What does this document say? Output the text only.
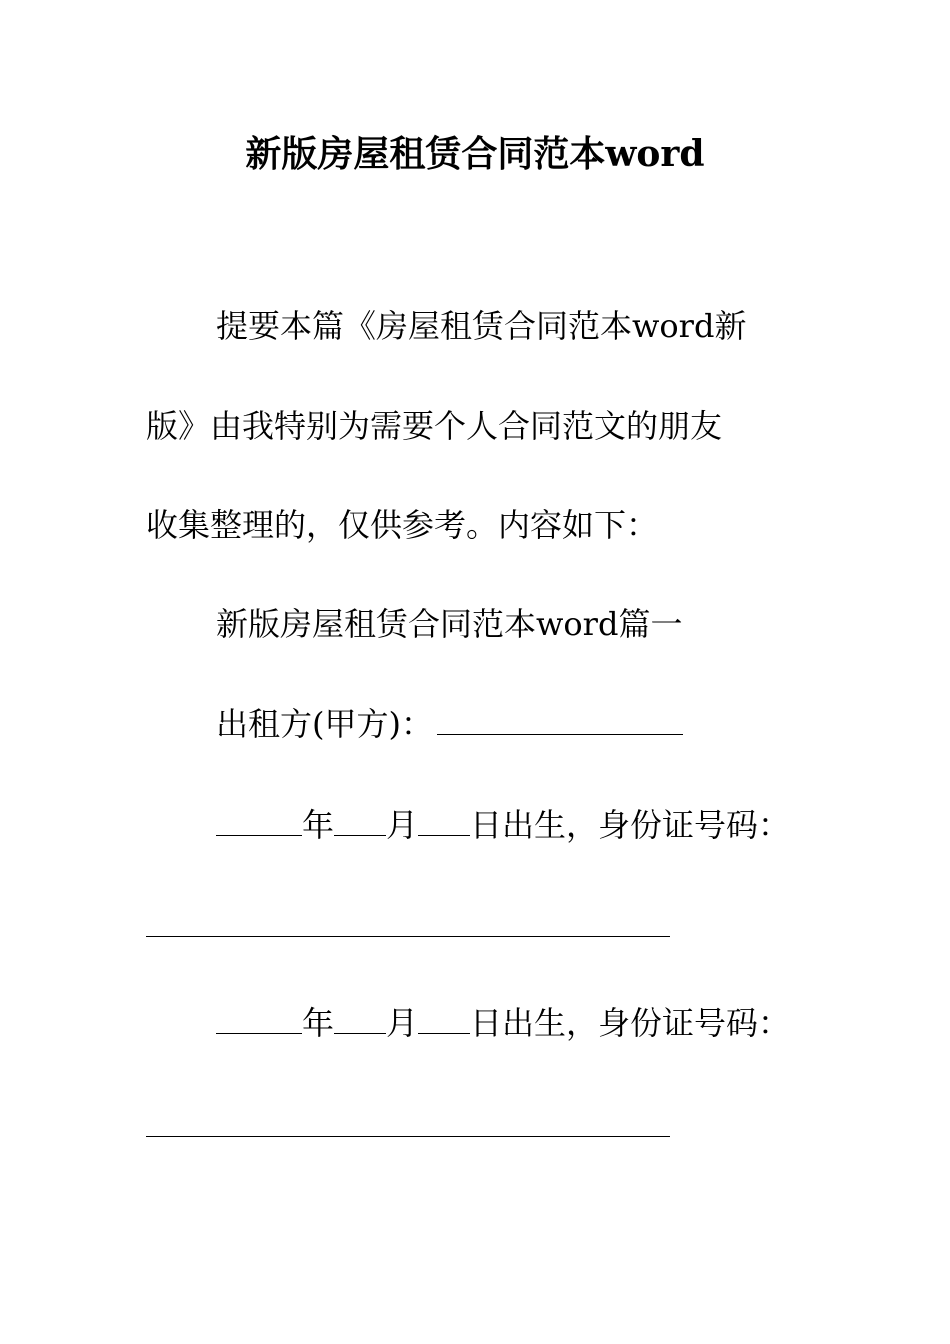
新版房屋租赁合同范本word
提要本篇《房屋租赁合同范本word新
版》由我特别为需要个人合同范文的朋友
收集整理的，仅供参考。内容如下：
新版房屋租赁合同范本word篇一
出租方(甲方)：
年 月 日出生，身份证号码：
年 月 日出生，身份证号码：
